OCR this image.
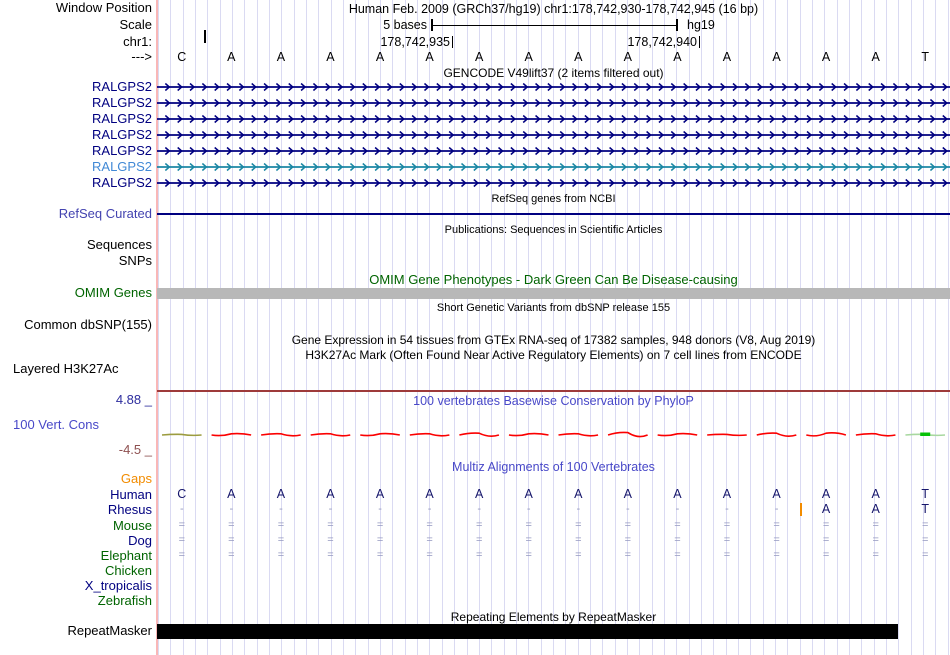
Human Feb. 2009 (GRCh37/hg19) chr1:178,742,930-178,742,945 (16 bp)
5 bases	hg19
178,742,935	178,742,940
Window Position
Scale
chr1:
--->
RALGPS2
RALGPS2
RALGPS2
RALGPS2
RALGPS2
RALGPS2
RALGPS2
RefSeq Curated
Sequences
SNPs
OMIM Genes
Common dbSNP(155)
Layered H3K27Ac
4.88 _
100 Vert. Cons
-4.5 _
Gaps
Human
Rhesus
Mouse
Dog
Elephant
Chicken
X_tropicalis
Zebrafish
RepeatMasker
GENCODE V49lift37 (2 items filtered out)
RefSeq genes from NCBI
Publications: Sequences in Scientific Articles
OMIM Gene Phenotypes - Dark Green Can Be Disease-causing
Short Genetic Variants from dbSNP release 155
Gene Expression in 54 tissues from GTEx RNA-seq of 17382 samples, 948 donors (V8, Aug 2019)
H3K27Ac Mark (Often Found Near Active Regulatory Elements) on 7 cell lines from ENCODE
100 vertebrates Basewise Conservation by PhyloP
Multiz Alignments of 100 Vertebrates
Repeating Elements by RepeatMasker
C	A	A	A	A	A	A	A	A	A	A	A	A	A	A	T
C	A	A	A	A	A	A	A	A	A	A	A	A	A	A	T
-	-	-	-	-	-	-	-	-	-	-	-	-	A	A	T
=	=	=	=	=	=	=	=	=	=	=	=	=	=	=	=
=	=	=	=	=	=	=	=	=	=	=	=	=	=	=	=
=	=	=	=	=	=	=	=	=	=	=	=	=	=	=	=
